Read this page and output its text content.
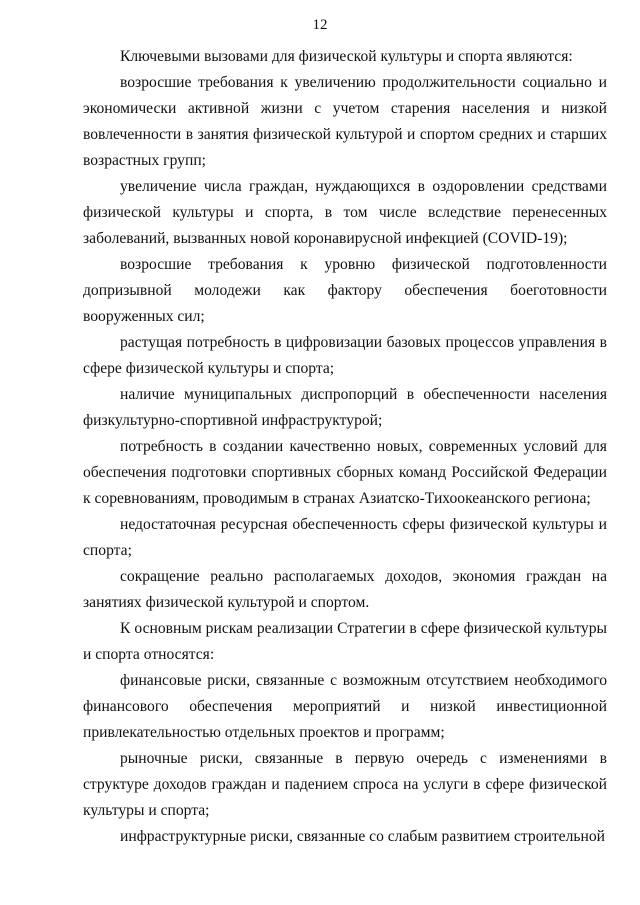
12

Ключевыми вызовами для физической культуры и спорта являются:

возросшие требования к увеличению продолжительности социально и экономически активной жизни с учетом старения населения и низкой вовлеченности в занятия физической культурой и спортом средних и старших возрастных групп;

увеличение числа граждан, нуждающихся в оздоровлении средствами физической культуры и спорта, в том числе вследствие перенесенных заболеваний, вызванных новой коронавирусной инфекцией (COVID-19);

возросшие требования к уровню физической подготовленности допризывной молодежи как фактору обеспечения боеготовности вооруженных сил;

растущая потребность в цифровизации базовых процессов управления в сфере физической культуры и спорта;

наличие муниципальных диспропорций в обеспеченности населения физкультурно-спортивной инфраструктурой;

потребность в создании качественно новых, современных условий для обеспечения подготовки спортивных сборных команд Российской Федерации к соревнованиям, проводимым в странах Азиатско-Тихоокеанского региона;

недостаточная ресурсная обеспеченность сферы физической культуры и спорта;

сокращение реально располагаемых доходов, экономия граждан на занятиях физической культурой и спортом.

К основным рискам реализации Стратегии в сфере физической культуры и спорта относятся:

финансовые риски, связанные с возможным отсутствием необходимого финансового обеспечения мероприятий и низкой инвестиционной привлекательностью отдельных проектов и программ;

рыночные риски, связанные в первую очередь с изменениями в структуре доходов граждан и падением спроса на услуги в сфере физической культуры и спорта;

инфраструктурные риски, связанные со слабым развитием строительной
